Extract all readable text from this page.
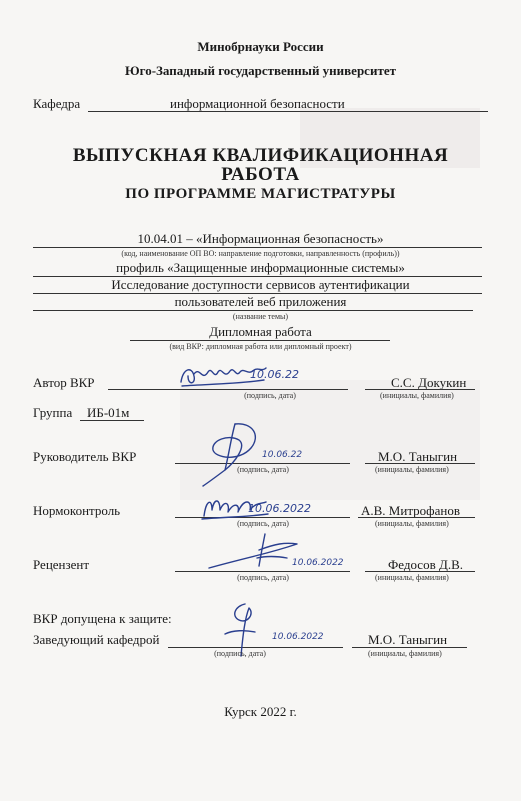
Минобрнауки России
Юго-Западный государственный университет
Кафедра	информационной безопасности
ВЫПУСКНАЯ КВАЛИФИКАЦИОННАЯ
РАБОТА
ПО ПРОГРАММЕ МАГИСТРАТУРЫ
10.04.01 – «Информационная безопасность»
(код, наименование ОП ВО: направление подготовки, направленность (профиль))
профиль «Защищенные информационные системы»
Исследование доступности сервисов аутентификации
пользователей веб приложения
(название темы)
Дипломная работа
(вид ВКР: дипломная работа или дипломный проект)
Автор ВКР
10.06.22
(подпись, дата)
С.С. Докукин
(инициалы, фамилия)
Группа ИБ-01м
Руководитель ВКР	10.06.22
(подпись, дата)
М.О. Таныгин
(инициалы, фамилия)
Нормоконтроль	10.06.2022
(подпись, дата)
А.В. Митрофанов
(инициалы, фамилия)
Рецензент	10.06.2022
(подпись, дата)
Федосов Д.В.
(инициалы, фамилия)
ВКР допущена к защите:
Заведующий кафедрой	10.06.2022
(подпись, дата)
М.О. Таныгин
(инициалы, фамилия)
Курск 2022 г.
